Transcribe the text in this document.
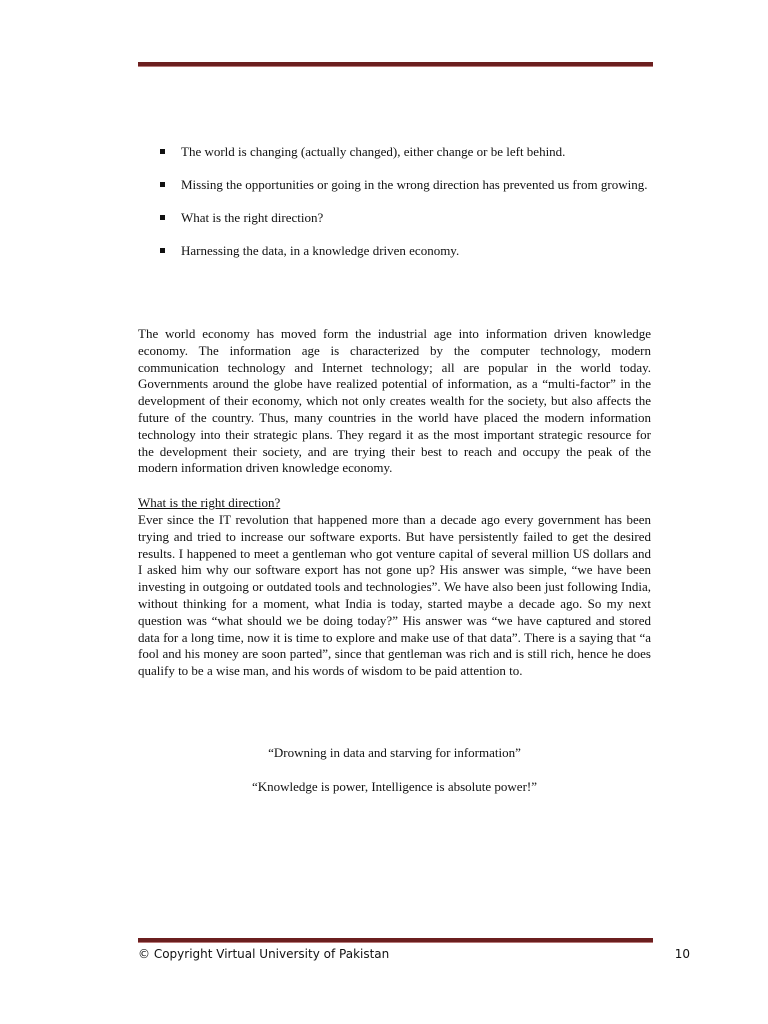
The world is changing (actually changed), either change or be left behind.
Missing the opportunities or going in the wrong direction has prevented us from growing.
What is the right direction?
Harnessing the data, in a knowledge driven economy.

The world economy has moved form the industrial age into information driven knowledge economy. The information age is characterized by the computer technology, modern communication technology and Internet technology; all are popular in the world today. Governments around the globe have realized potential of information, as a “multi-factor” in the development of their economy, which not only creates wealth for the society, but also affects the future of the country. Thus, many countries in the world have placed the modern information technology into their strategic plans. They regard it as the most important strategic resource for the development their society, and are trying their best to reach and occupy the peak of the modern information driven knowledge economy.

What is the right direction?

Ever since the IT revolution that happened more than a decade ago every government has been trying and tried to increase our software exports. But have persistently failed to get the desired results. I happened to meet a gentleman who got venture capital of several million US dollars and I asked him why our software export has not gone up? His answer was simple, “we have been investing in outgoing or outdated tools and technologies”. We have also been just following India, without thinking for a moment, what India is today, started maybe a decade ago. So my next question was “what should we be doing today?” His answer was “we have captured and stored data for a long time, now it is time to explore and make use of that data”. There is a saying that “a fool and his money are soon parted”, since that gentleman was rich and is still rich, hence he does qualify to be a wise man, and his words of wisdom to be paid attention to.

“Drowning in data and starving for information”
“Knowledge is power, Intelligence is absolute power!”
© Copyright Virtual University of Pakistan	10
